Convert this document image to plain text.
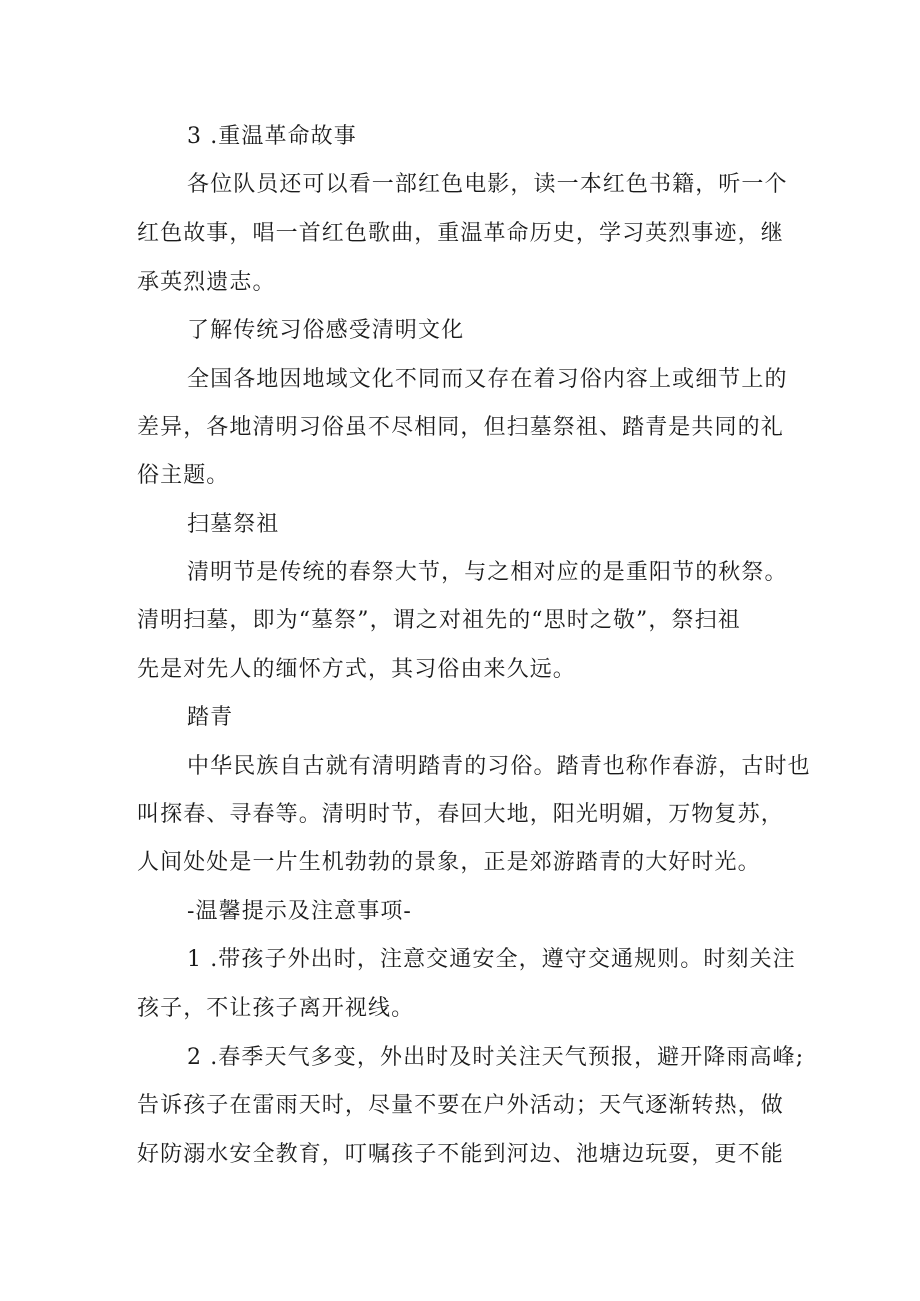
3 .重温革命故事
各位队员还可以看一部红色电影，读一本红色书籍，听一个
红色故事，唱一首红色歌曲，重温革命历史，学习英烈事迹，继
承英烈遗志。
了解传统习俗感受清明文化
全国各地因地域文化不同而又存在着习俗内容上或细节上的
差异，各地清明习俗虽不尽相同，但扫墓祭祖、踏青是共同的礼
俗主题。
扫墓祭祖
清明节是传统的春祭大节，与之相对应的是重阳节的秋祭。
清明扫墓，即为“墓祭”，谓之对祖先的“思时之敬”，祭扫祖
先是对先人的缅怀方式，其习俗由来久远。
踏青
中华民族自古就有清明踏青的习俗。踏青也称作春游，古时也
叫探春、寻春等。清明时节，春回大地，阳光明媚，万物复苏，
人间处处是一片生机勃勃的景象，正是郊游踏青的大好时光。
-温馨提示及注意事项-
1 .带孩子外出时，注意交通安全，遵守交通规则。时刻关注
孩子，不让孩子离开视线。
2 .春季天气多变，外出时及时关注天气预报，避开降雨高峰;
告诉孩子在雷雨天时，尽量不要在户外活动；天气逐渐转热，做
好防溺水安全教育，叮嘱孩子不能到河边、池塘边玩耍，更不能
